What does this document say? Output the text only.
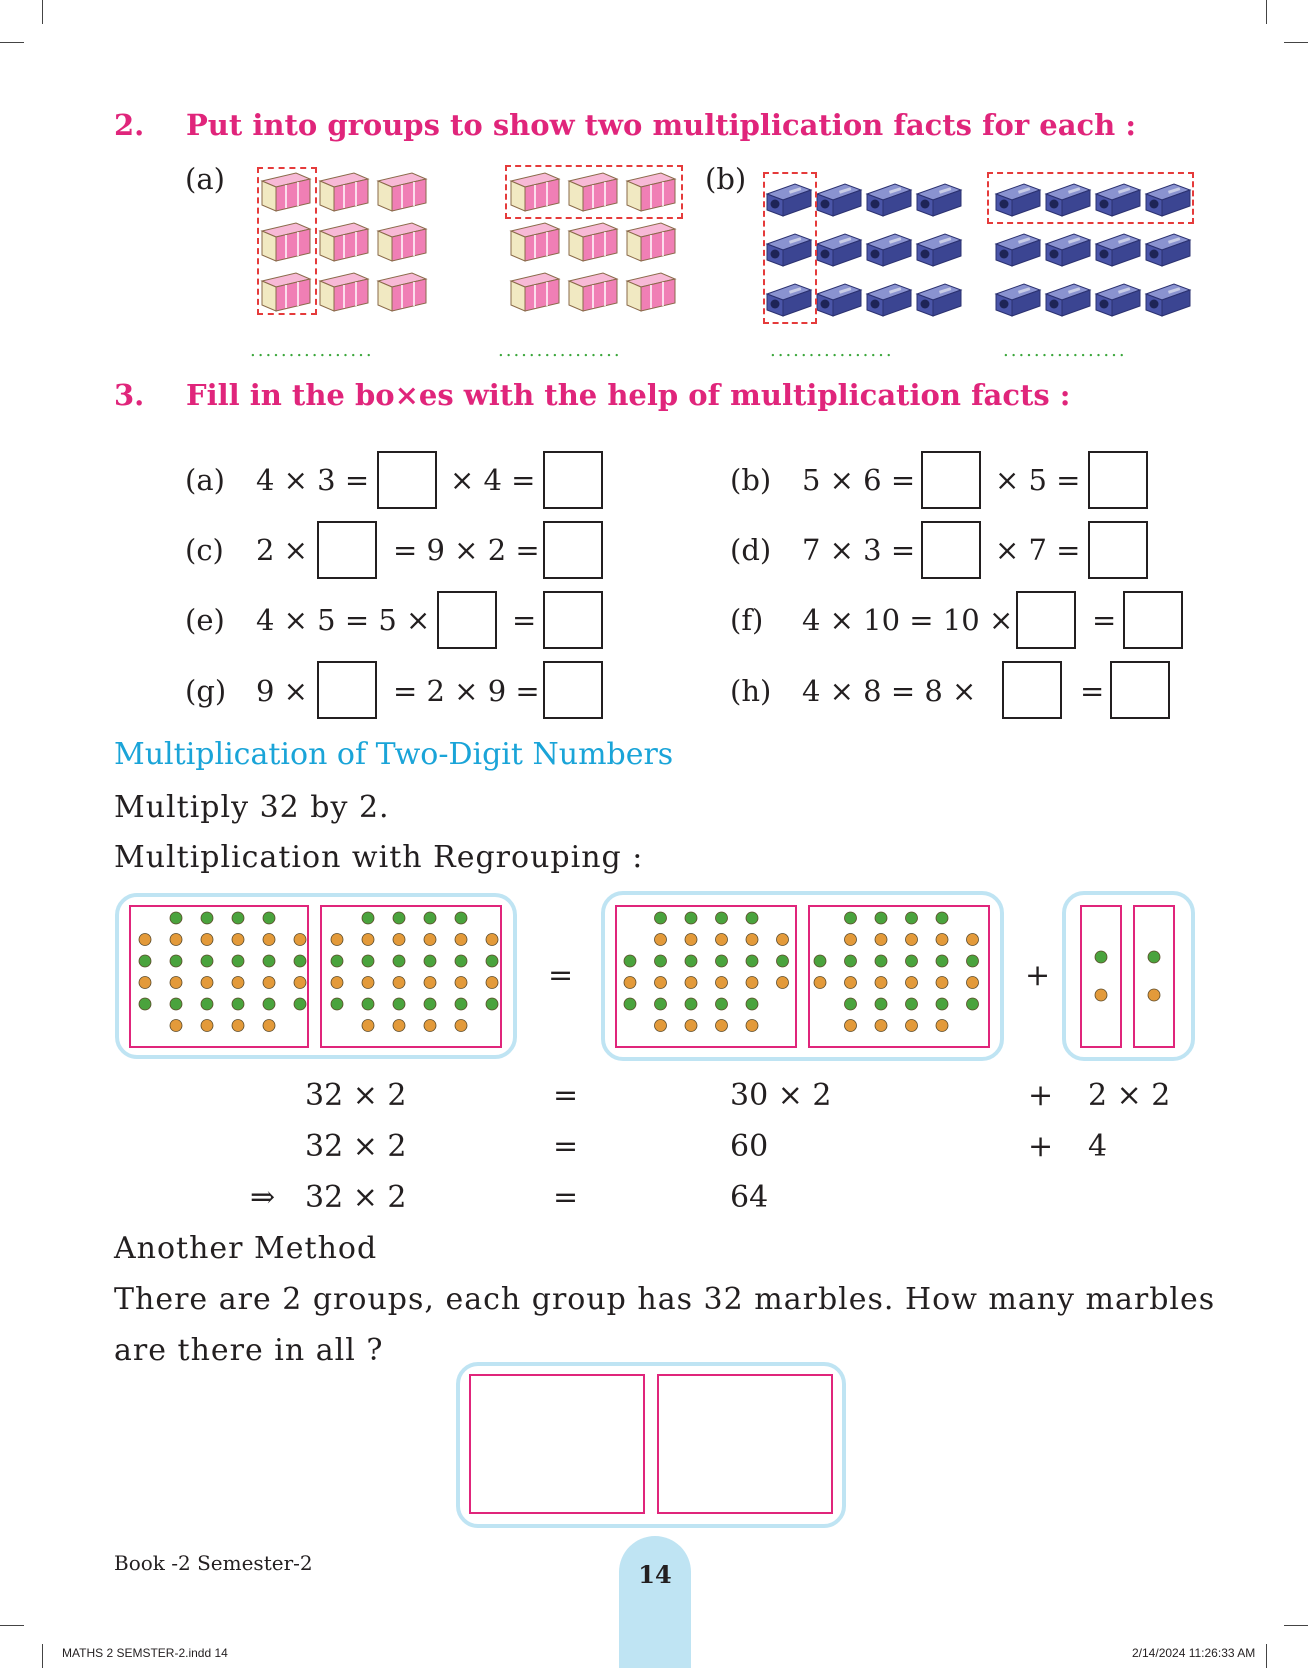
2. Put into groups to show two multiplication facts for each :
(a)	(b)
................	................	................	................
3. Fill in the bo×es with the help of multiplication facts :
(a) 4 × 3 =	× 4 =
(c) 2 ×	= 9 × 2 =
(e) 4 × 5 = 5 ×	=
(g) 9 ×	= 2 × 9 =
(b) 5 × 6 =	× 5 =
(d) 7 × 3 =	× 7 =
(f) 4 × 10 = 10 ×	=
(h) 4 × 8 = 8 ×	=
Multiplication of Two-Digit Numbers
Multiply 32 by 2.
Multiplication with Regrouping :
=	+
32 × 2	=	30 × 2	+ 2 × 2
32 × 2	=	60	+ 4
⇒ 32 × 2	=	64
Another Method
There are 2 groups, each group has 32 marbles. How many marbles
are there in all ?
Book -2 Semester-2	14
MATHS 2 SEMSTER-2.indd 14	2/14/2024 11:26:33 AM
